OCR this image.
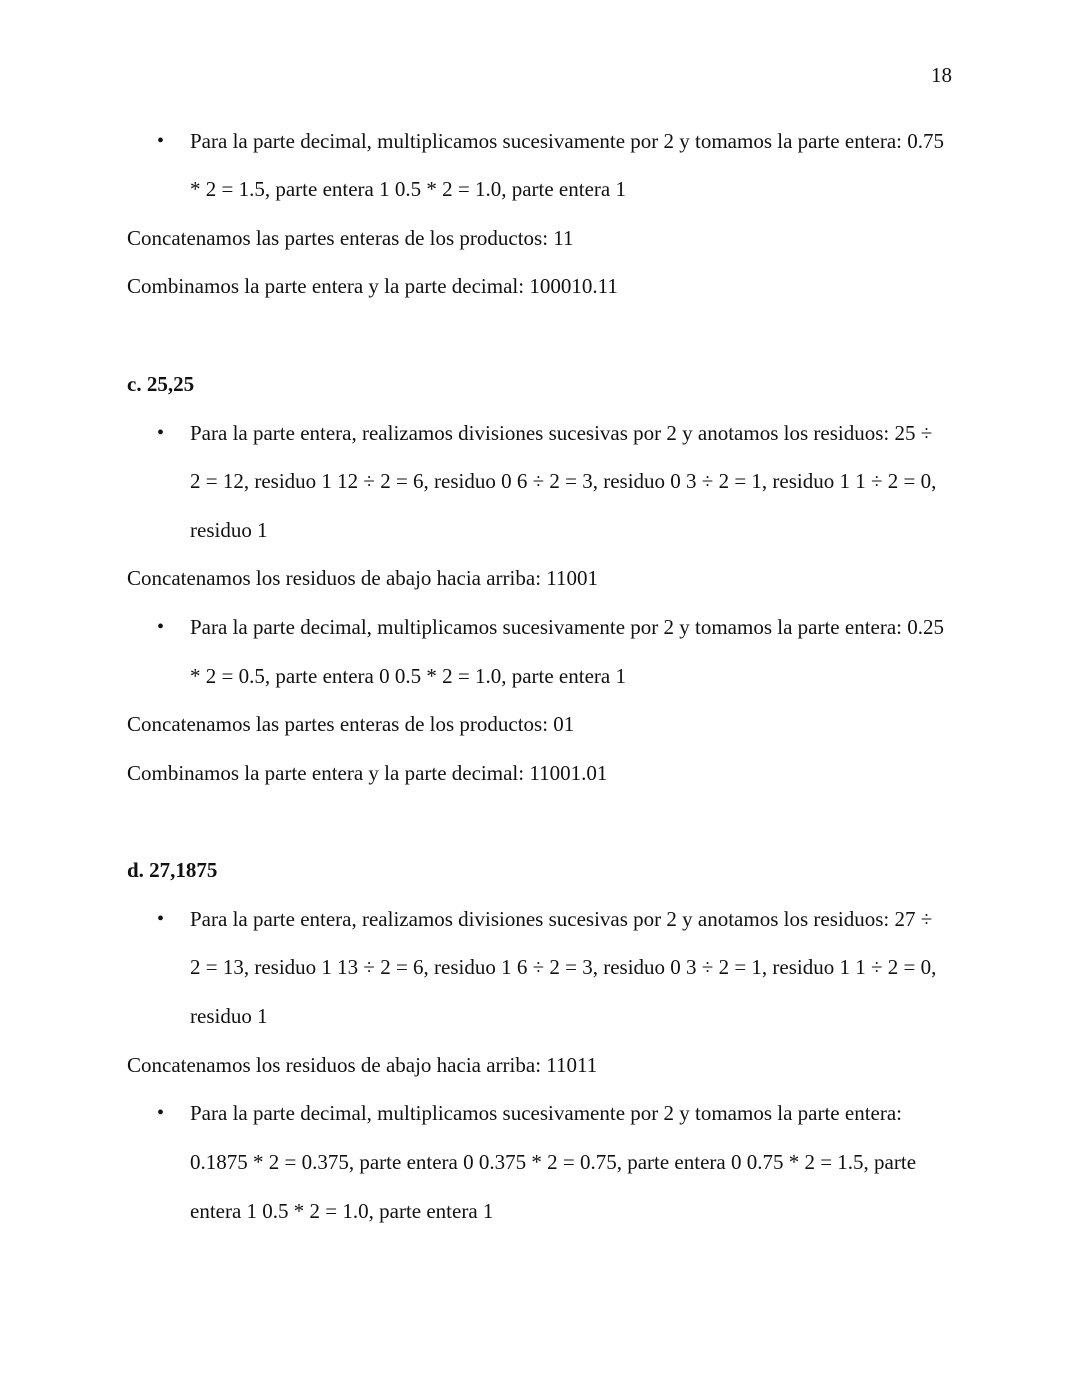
18
• Para la parte decimal, multiplicamos sucesivamente por 2 y tomamos la parte entera: 0.75
* 2 = 1.5, parte entera 1 0.5 * 2 = 1.0, parte entera 1
Concatenamos las partes enteras de los productos: 11
Combinamos la parte entera y la parte decimal: 100010.11
c. 25,25
• Para la parte entera, realizamos divisiones sucesivas por 2 y anotamos los residuos: 25 ÷
2 = 12, residuo 1 12 ÷ 2 = 6, residuo 0 6 ÷ 2 = 3, residuo 0 3 ÷ 2 = 1, residuo 1 1 ÷ 2 = 0,
residuo 1
Concatenamos los residuos de abajo hacia arriba: 11001
• Para la parte decimal, multiplicamos sucesivamente por 2 y tomamos la parte entera: 0.25
* 2 = 0.5, parte entera 0 0.5 * 2 = 1.0, parte entera 1
Concatenamos las partes enteras de los productos: 01
Combinamos la parte entera y la parte decimal: 11001.01
d. 27,1875
• Para la parte entera, realizamos divisiones sucesivas por 2 y anotamos los residuos: 27 ÷
2 = 13, residuo 1 13 ÷ 2 = 6, residuo 1 6 ÷ 2 = 3, residuo 0 3 ÷ 2 = 1, residuo 1 1 ÷ 2 = 0,
residuo 1
Concatenamos los residuos de abajo hacia arriba: 11011
• Para la parte decimal, multiplicamos sucesivamente por 2 y tomamos la parte entera:
0.1875 * 2 = 0.375, parte entera 0 0.375 * 2 = 0.75, parte entera 0 0.75 * 2 = 1.5, parte
entera 1 0.5 * 2 = 1.0, parte entera 1
